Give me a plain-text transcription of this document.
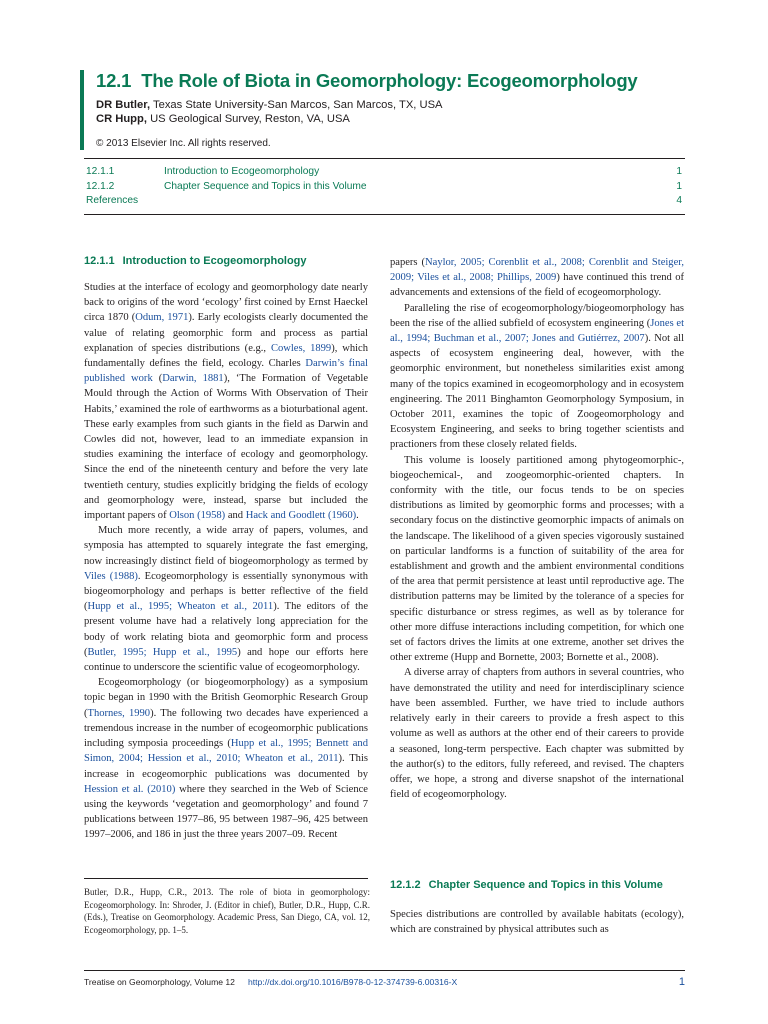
12.1 The Role of Biota in Geomorphology: Ecogeomorphology
DR Butler, Texas State University-San Marcos, San Marcos, TX, USA
CR Hupp, US Geological Survey, Reston, VA, USA
© 2013 Elsevier Inc. All rights reserved.
12.1.1	Introduction to Ecogeomorphology	1
12.1.2	Chapter Sequence and Topics in this Volume	1
References	4
12.1.1 Introduction to Ecogeomorphology

Studies at the interface of ecology and geomorphology date nearly back to origins of the word ‘ecology’ first coined by Ernst Haeckel circa 1870 (Odum, 1971). Early ecologists clearly documented the value of relating geomorphic form and process as partial explanation of species distributions (e.g., Cowles, 1899), which fundamentally defines the field, ecology. Charles Darwin’s final published work (Darwin, 1881), ‘The Formation of Vegetable Mould through the Action of Worms With Observation of Their Habits,’ examined the role of earthworms as a bioturbational agent. These early examples from such giants in the field as Darwin and Cowles did not, however, lead to an immediate expansion in studies examining the interface of ecology and geomorphology. Since the end of the nineteenth century and before the very late twentieth century, studies explicitly bridging the fields of ecology and geomorphology were, instead, sparse but included the important papers of Olson (1958) and Hack and Goodlett (1960).

Much more recently, a wide array of papers, volumes, and symposia has attempted to squarely integrate the fast emerging, now increasingly distinct field of biogeomorphology as termed by Viles (1988). Ecogeomorphology is essentially synonymous with biogeomorphology and perhaps is better reflective of the field (Hupp et al., 1995; Wheaton et al., 2011). The editors of the present volume have had a relatively long appreciation for the body of work relating biota and geomorphic form and process (Butler, 1995; Hupp et al., 1995) and hope our efforts here continue to underscore the scientific value of ecogeomorphology.

Ecogeomorphology (or biogeomorphology) as a symposium topic began in 1990 with the British Geomorphic Research Group (Thornes, 1990). The following two decades have experienced a tremendous increase in the number of ecogeomorphic publications including symposia proceedings (Hupp et al., 1995; Bennett and Simon, 2004; Hession et al., 2010; Wheaton et al., 2011). This increase in ecogeomorphic publications was documented by Hession et al. (2010) where they searched in the Web of Science using the keywords ‘vegetation and geomorphology’ and found 7 publications between 1977–86, 95 between 1987–96, 425 between 1997–2006, and 186 in just the three years 2007–09. Recent

papers (Naylor, 2005; Corenblit et al., 2008; Corenblit and Steiger, 2009; Viles et al., 2008; Phillips, 2009) have continued this trend of advancements and extensions of the field of ecogeomorphology.

Paralleling the rise of ecogeomorphology/biogeomorphology has been the rise of the allied subfield of ecosystem engineering (Jones et al., 1994; Buchman et al., 2007; Jones and Gutiérrez, 2007). Not all aspects of ecosystem engineering deal, however, with the geomorphic environment, but nonetheless similarities exist among many of the topics examined in ecogeomorphology and in ecosystem engineering. The 2011 Binghamton Geomorphology Symposium, in October 2011, examines the topic of Zoogeomorphology and Ecosystem Engineering, and seeks to bring together scientists and practioners from these closely related fields.

This volume is loosely partitioned among phytogeomorphic-, biogeochemical-, and zoogeomorphic-oriented chapters. In conformity with the title, our focus tends to be on species distributions as limited by geomorphic forms and processes; with a secondary focus on the distinctive geomorphic impacts of animals on the landscape. The likelihood of a given species vigorously sustained on particular landforms is a function of suitability of the area for establishment and growth and the ambient environmental conditions of the area that permit persistence at least until reproductive age. The distribution patterns may be limited by the tolerance of a species for specific disturbance or stress regimes, as well as by tolerance for other more diffuse interactions including competition, for which one set of factors drives the limits at one extreme, another set drives the other extreme (Hupp and Bornette, 2003; Bornette et al., 2008).

A diverse array of chapters from authors in several countries, who have demonstrated the utility and need for interdisciplinary science have been assembled. Further, we have tried to include authors relatively early in their careers to provide a fresh aspect to this volume as well as authors at the other end of their careers to provide a seasoned, long-term perspective. Each chapter was submitted by the author(s) to the editors, fully refereed, and revised. The chapters offer, we hope, a strong and diverse snapshot of the international field of ecogeomorphology.

12.1.2 Chapter Sequence and Topics in this Volume

Species distributions are controlled by available habitats (ecology), which are constrained by physical attributes such as

Butler, D.R., Hupp, C.R., 2013. The role of biota in geomorphology: Ecogeomorphology. In: Shroder, J. (Editor in chief), Butler, D.R., Hupp, C.R. (Eds.), Treatise on Geomorphology. Academic Press, San Diego, CA, vol. 12, Ecogeomorphology, pp. 1–5.
Treatise on Geomorphology, Volume 12 http://dx.doi.org/10.1016/B978-0-12-374739-6.00316-X	1
